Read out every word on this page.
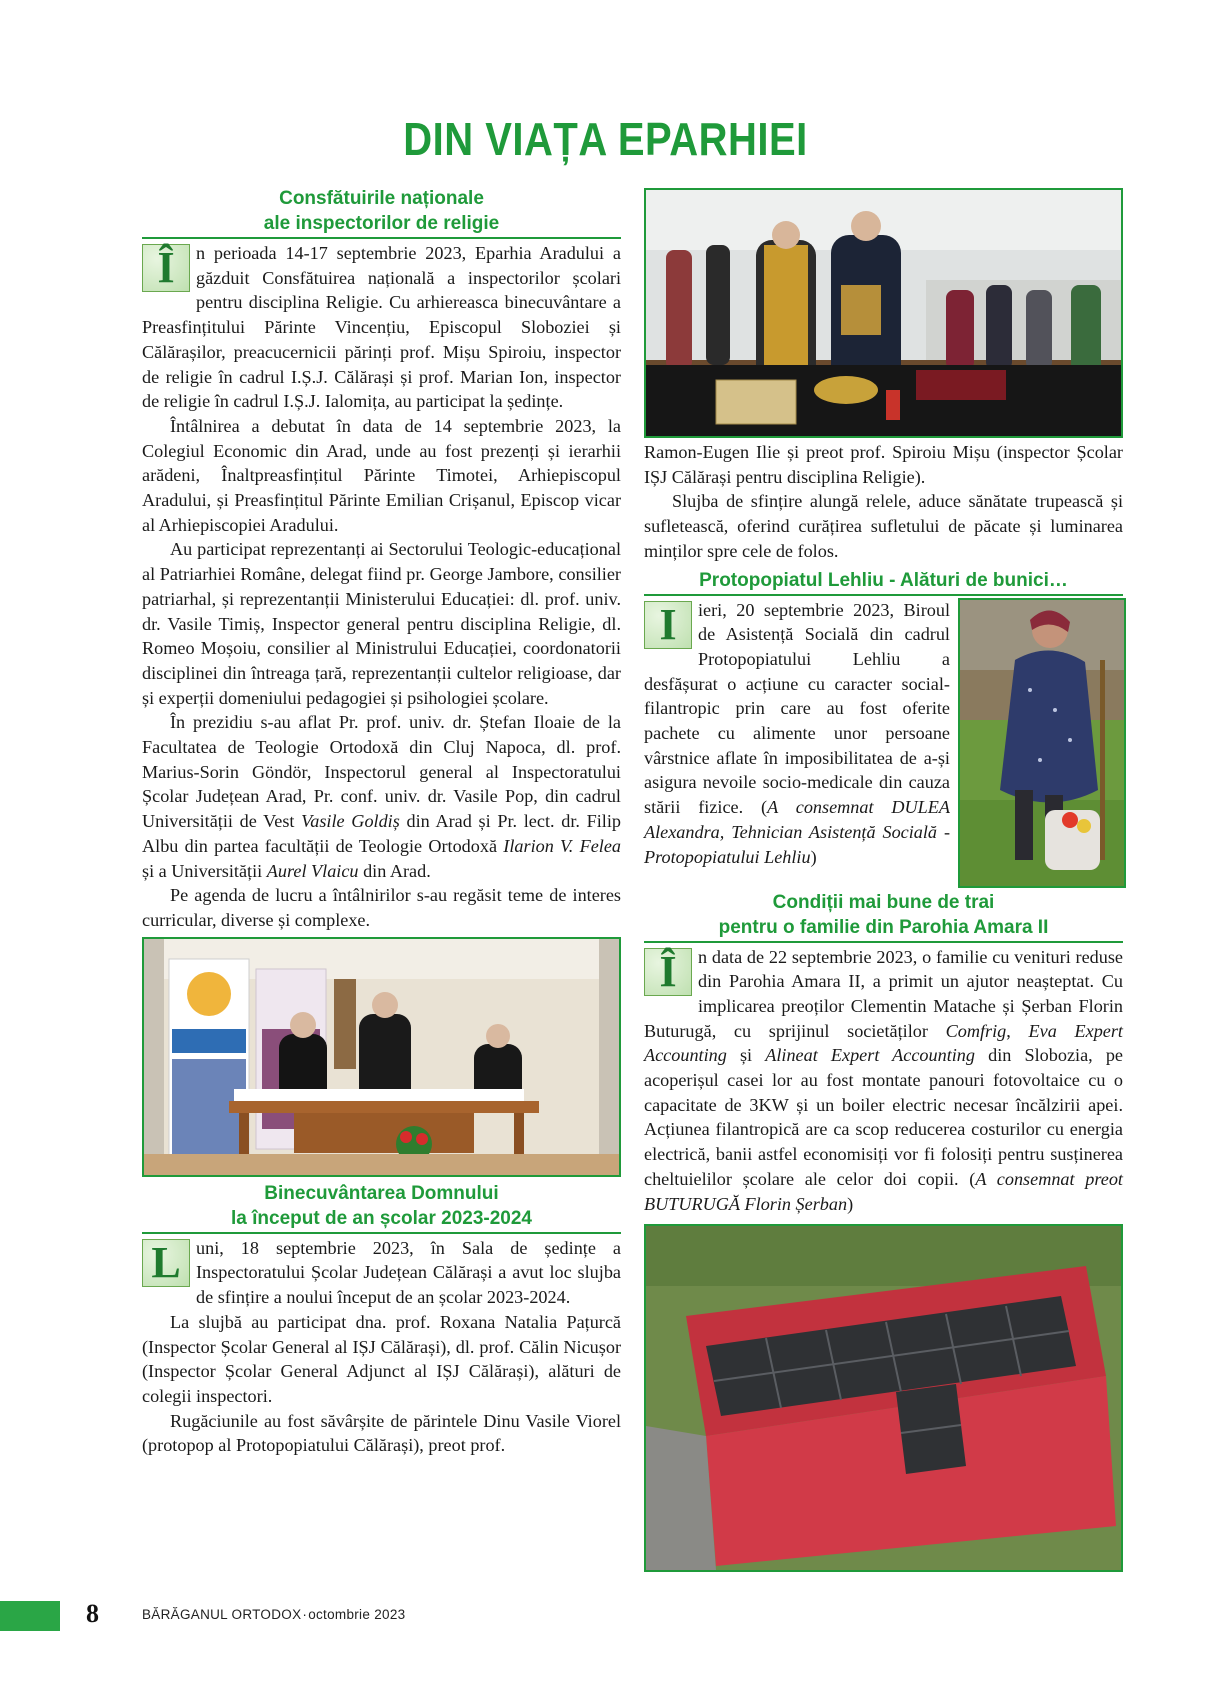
DIN VIAȚA EPARHIEI
Consfătuirile naționale
ale inspectorilor de religie

Î	n perioada 14-17 septembrie 2023, Eparhia Aradului a găzduit Consfătuirea națională a inspectorilor școlari pentru disciplina Religie. Cu arhiereasca binecuvântare a Preasfințitului Părinte Vincențiu, Episcopul Sloboziei și Călărașilor, preacucernicii părinți prof. Mișu Spiroiu, inspector de religie în cadrul I.Ș.J. Călărași și prof. Marian Ion, inspector de religie în cadrul I.Ș.J. Ialomița, au participat la ședințe.

Întâlnirea a debutat în data de 14 septembrie 2023, la Colegiul Economic din Arad, unde au fost prezenți și ierarhii arădeni, Înaltpreasfințitul Părinte Timotei, Arhiepiscopul Aradului, și Preasfințitul Părinte Emilian Crișanul, Episcop vicar al Arhiepiscopiei Aradului.

Au participat reprezentanți ai Sectorului Teologic-educațional al Patriarhiei Române, delegat fiind pr. George Jambore, consilier patriarhal, și reprezentanții Ministerului Educației: dl. prof. univ. dr. Vasile Timiș, Inspector general pentru disciplina Religie, dl. Romeo Moșoiu, consilier al Ministrului Educației, coordonatorii disciplinei din întreaga țară, reprezentanții cultelor religioase, dar și experții domeniului pedagogiei și psihologiei școlare.

În prezidiu s-au aflat Pr. prof. univ. dr. Ștefan Iloaie de la Facultatea de Teologie Ortodoxă din Cluj Napoca, dl. prof. Marius-Sorin Göndör, Inspectorul general al Inspectoratului Școlar Județean Arad, Pr. conf. univ. dr. Vasile Pop, din cadrul Universității de Vest Vasile Goldiș din Arad și Pr. lect. dr. Filip Albu din partea facultății de Teologie Ortodoxă Ilarion V. Felea și a Universității Aurel Vlaicu din Arad.

Pe agenda de lucru a întâlnirilor s-au regăsit teme de interes curricular, diverse și complexe.

Binecuvântarea Domnului
la început de an școlar 2023-2024

L uni, 18 septembrie 2023, în Sala de ședințe a Inspectoratului Școlar Județean Călărași a avut loc slujba de sfințire a noului început de an școlar 2023-2024.

La slujbă au participat dna. prof. Roxana Natalia Pațurcă (Inspector Școlar General al IȘJ Călărași), dl. prof. Călin Nicușor (Inspector Școlar General Adjunct al IȘJ Călărași), alături de colegii inspectori.

Rugăciunile au fost săvârșite de părintele Dinu Vasile Viorel (protopop al Protopopiatului Călărași), preot prof.

Ramon-Eugen Ilie și preot prof. Spiroiu Mișu (inspector Școlar IȘJ Călărași pentru disciplina Religie).

Slujba de sfințire alungă relele, aduce sănătate trupească și sufletească, oferind curățirea sufletului de păcate și luminarea minților spre cele de folos.

Protopopiatul Lehliu - Alături de bunici…

I	ieri, 20 septembrie 2023, Biroul de Asistență Socială din cadrul Protopopiatului Lehliu a desfășurat o acțiune cu caracter social-filantropic prin care au fost oferite pachete cu alimente unor persoane vârstnice aflate în imposibilitatea de a-și asigura nevoile socio-medicale din cauza stării fizice. (A consemnat DULEA Alexandra, Tehnician Asistență Socială - Protopopiatului Lehliu)

Condiții mai bune de trai
pentru o familie din Parohia Amara II

Î	n data de 22 septembrie 2023, o familie cu venituri reduse din Parohia Amara II, a primit un ajutor neașteptat. Cu implicarea preoților Clementin Matache și Șerban Florin Buturugă, cu sprijinul societăților Comfrig, Eva Expert Accounting și Alineat Expert Accounting din Slobozia, pe acoperișul casei lor au fost montate panouri fotovoltaice cu o capacitate de 3KW și un boiler electric necesar încălzirii apei. Acțiunea filantropică are ca scop reducerea costurilor cu energia electrică, banii astfel economisiți vor fi folosiți pentru susținerea cheltuielilor școlare ale celor doi copii. (A consemnat preot BUTURUGĂ Florin Șerban)

8	BĂRĂGANUL ORTODOX·octombrie 2023
